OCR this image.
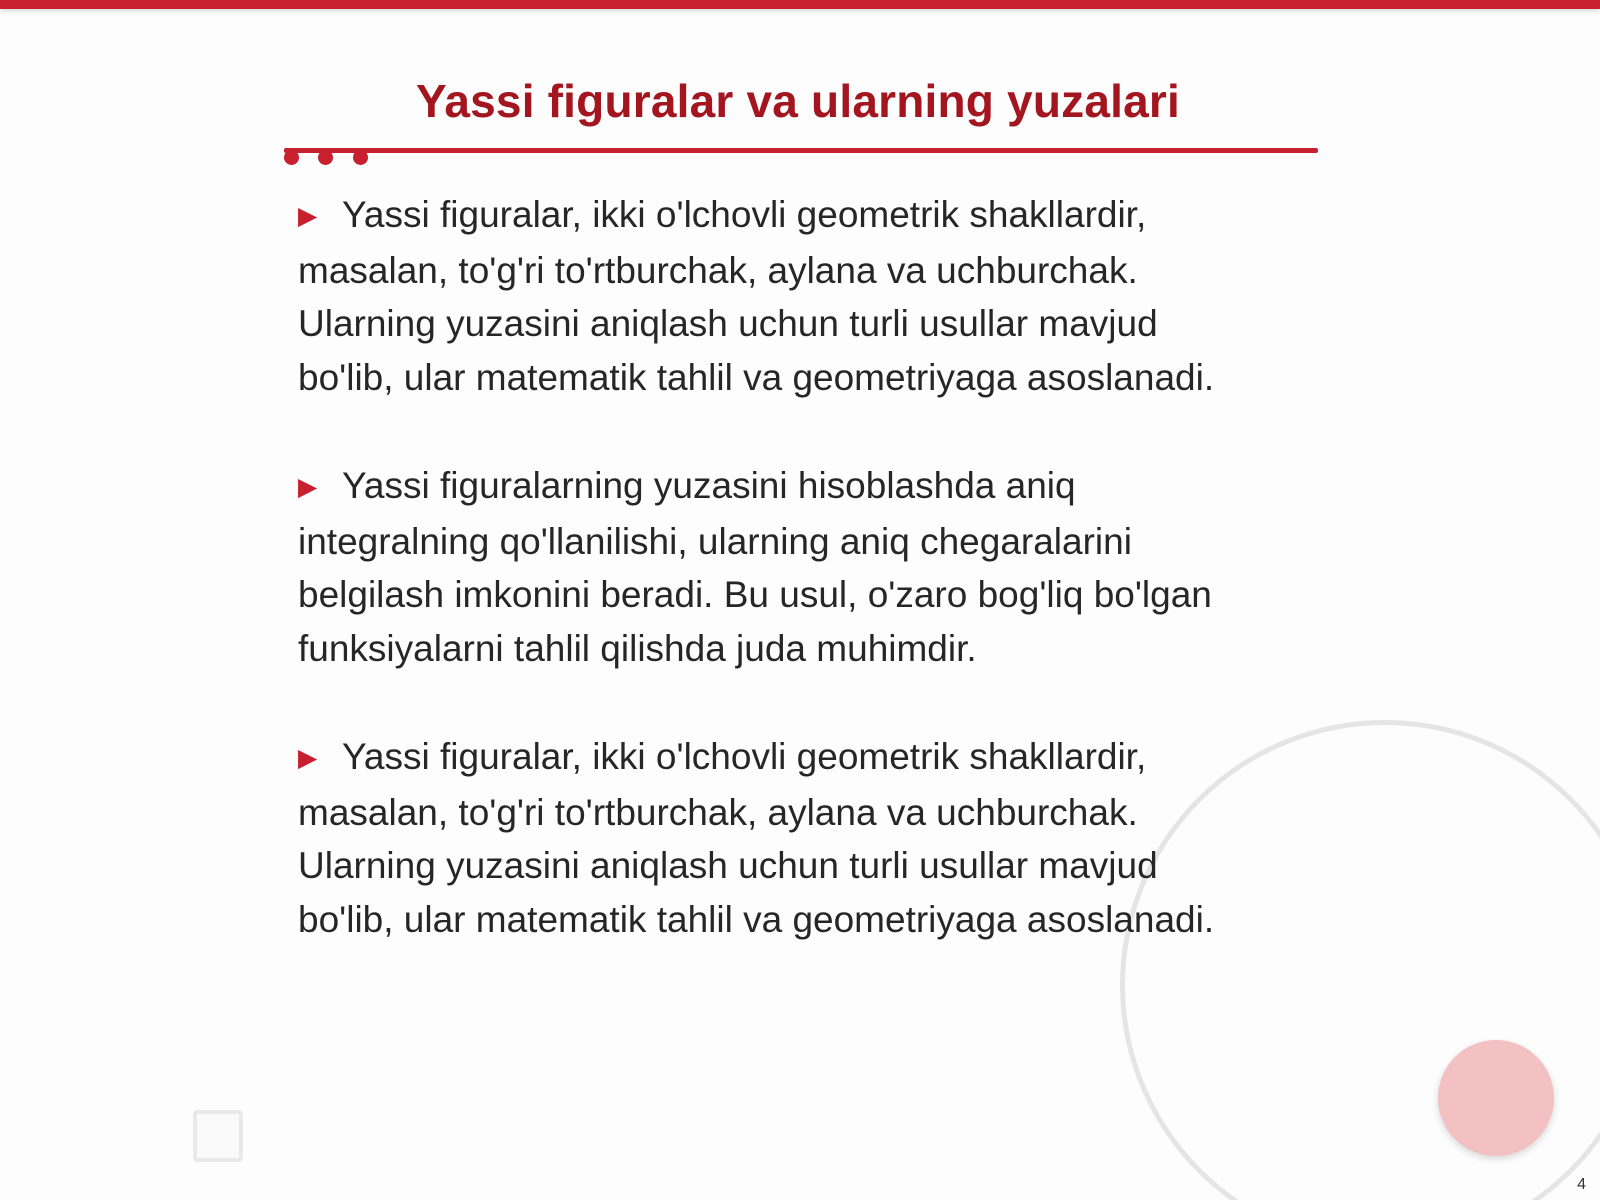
Yassi figuralar va ularning yuzalari
▶ Yassi figuralar, ikki o'lchovli geometrik shakllardir, masalan, to'g'ri to'rtburchak, aylana va uchburchak. Ularning yuzasini aniqlash uchun turli usullar mavjud bo'lib, ular matematik tahlil va geometriyaga asoslanadi.
▶ Yassi figuralarning yuzasini hisoblashda aniq integralning qo'llanilishi, ularning aniq chegaralarini belgilash imkonini beradi. Bu usul, o'zaro bog'liq bo'lgan funksiyalarni tahlil qilishda juda muhimdir.
▶ Yassi figuralar, ikki o'lchovli geometrik shakllardir, masalan, to'g'ri to'rtburchak, aylana va uchburchak. Ularning yuzasini aniqlash uchun turli usullar mavjud bo'lib, ular matematik tahlil va geometriyaga asoslanadi.
4
